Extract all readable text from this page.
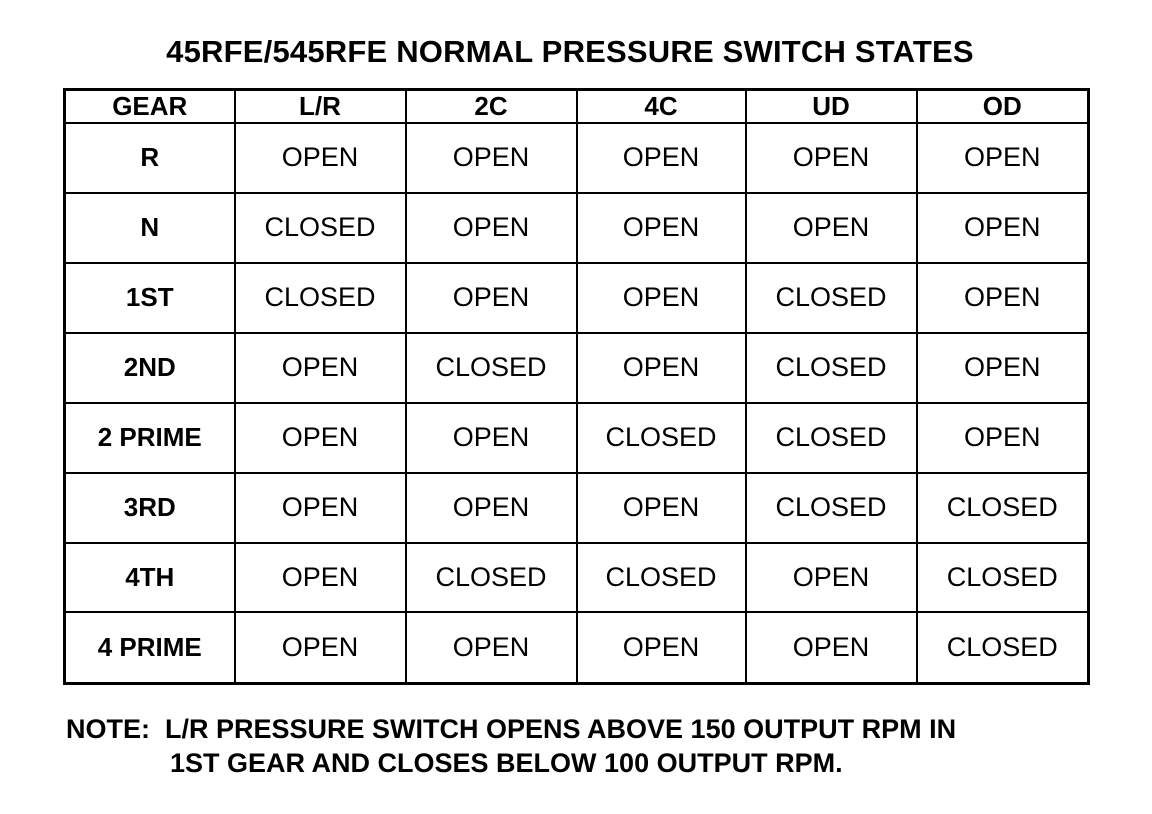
45RFE/545RFE NORMAL PRESSURE SWITCH STATES
GEAR	L/R	2C	4C	UD	OD
R	OPEN	OPEN	OPEN	OPEN	OPEN
N	CLOSED	OPEN	OPEN	OPEN	OPEN
1ST	CLOSED	OPEN	OPEN	CLOSED	OPEN
2ND	OPEN	CLOSED	OPEN	CLOSED	OPEN
2 PRIME	OPEN	OPEN	CLOSED	CLOSED	OPEN
3RD	OPEN	OPEN	OPEN	CLOSED	CLOSED
4TH	OPEN	CLOSED	CLOSED	OPEN	CLOSED
4 PRIME	OPEN	OPEN	OPEN	OPEN	CLOSED
NOTE:  L/R PRESSURE SWITCH OPENS ABOVE 150 OUTPUT RPM IN
1ST GEAR AND CLOSES BELOW 100 OUTPUT RPM.
